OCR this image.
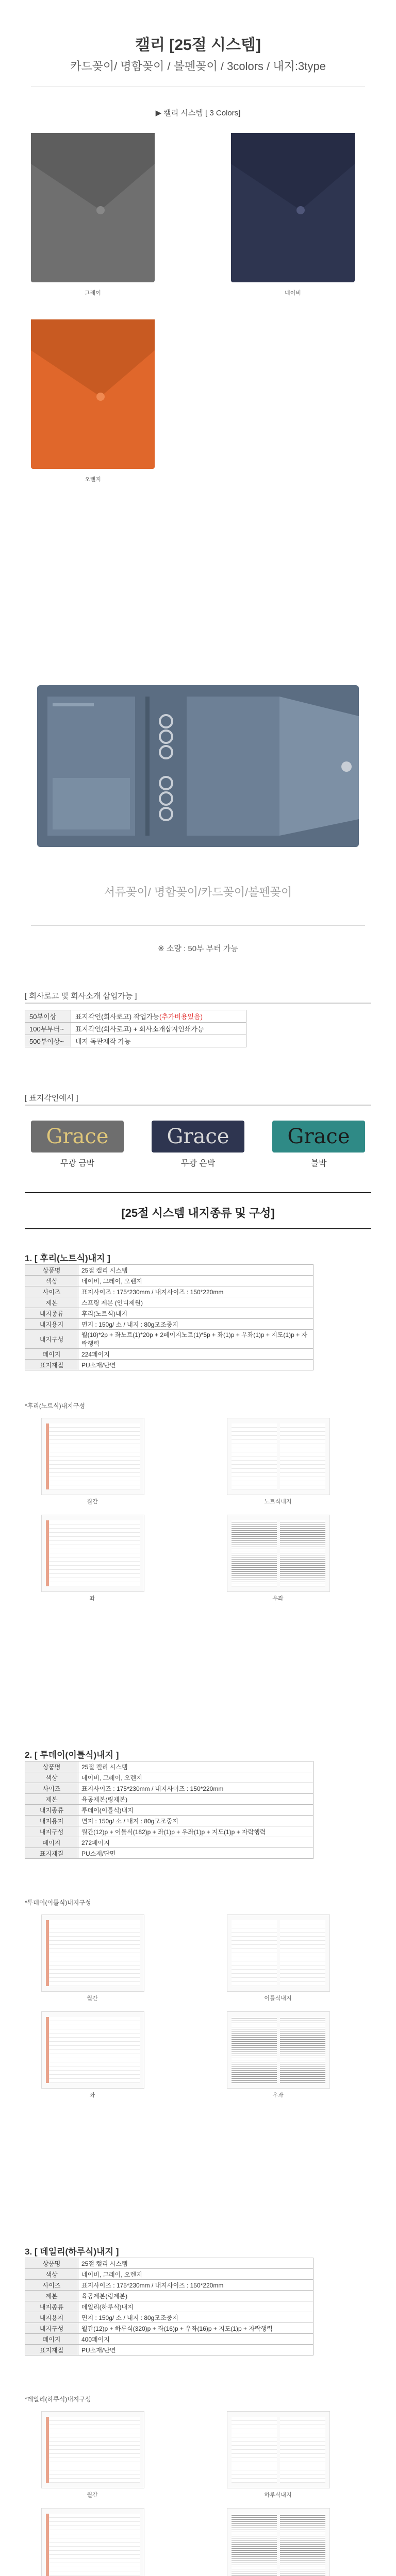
캘리 [25절 시스템]
카드꽂이/ 명함꽂이 / 볼펜꽂이 / 3colors / 내지:3type
▶ 캘리 시스템 [ 3 Colors]
그레이	네이비
오렌지
서류꽂이/ 명함꽂이/카드꽂이/볼펜꽂이
※ 소량 : 50부 부터 가능
[ 회사로고 및 회사소개 삽입가능 ]
50부이상	표지각인(회사로고) 작업가능(추가비용있음)
100부부터~	표지각인(회사로고) + 회사소개삽지인쇄가능
500부이상~	내지 독판제작 가능
[ 표지각인예시 ]
Grace
무광 금박
Grace
무광 은박
Grace
블박
[25절 시스템 내지종류 및 구성]
1. [ 후리(노트식)내지 ]
상품명	25절 캘리 시스템
색상	네이비, 그레이, 오렌지
사이즈	표지사이즈 : 175*230mm / 내지사이즈 : 150*220mm
제본	스프링 제본 (인디제원)
내지종류	후리(노트식)내지
내지용지	면지 : 150g/ 소 / 내지 : 80g모조중지
내지구성	월(10)*2p + 좌노트(1)*20p + 2페이지노트(1)*5p + 좌(1)p + 우좌(1)p + 지도(1)p + 자락행력
페이지	224페이지
표지재질	PU소재/단면
*후리(노트식)내지구성
월간	노트식내지
좌	우좌
2. [ 투데이(이틀식)내지 ]
상품명	25절 캘리 시스템
색상	네이비, 그레이, 오렌지
사이즈	표지사이즈 : 175*230mm / 내지사이즈 : 150*220mm
제본	육공제본(링제본)
내지종류	투데이(이틀식)내지
내지용지	면지 : 150g/ 소 / 내지 : 80g모조중지
내지구성	월간(12)p + 이틀식(182)p + 좌(1)p + 우좌(1)p + 지도(1)p + 자락행력
페이지	272페이지
표지재질	PU소재/단면
*투데이(이틀식)내지구성
월간	이틀식내지
좌	우좌
3. [ 데일리(하루식)내지 ]
상품명	25절 캘리 시스템
색상	네이비, 그레이, 오렌지
사이즈	표지사이즈 : 175*230mm / 내지사이즈 : 150*220mm
제본	육공제본(링제본)
내지종류	데일리(하루식)내지
내지용지	면지 : 150g/ 소 / 내지 : 80g모조중지
내지구성	월간(12)p + 하루식(320)p + 좌(16)p + 우좌(16)p + 지도(1)p + 자락행력
페이지	400페이지
표지재질	PU소재/단면
*데일리(하루식)내지구성
월간	하루식내지
